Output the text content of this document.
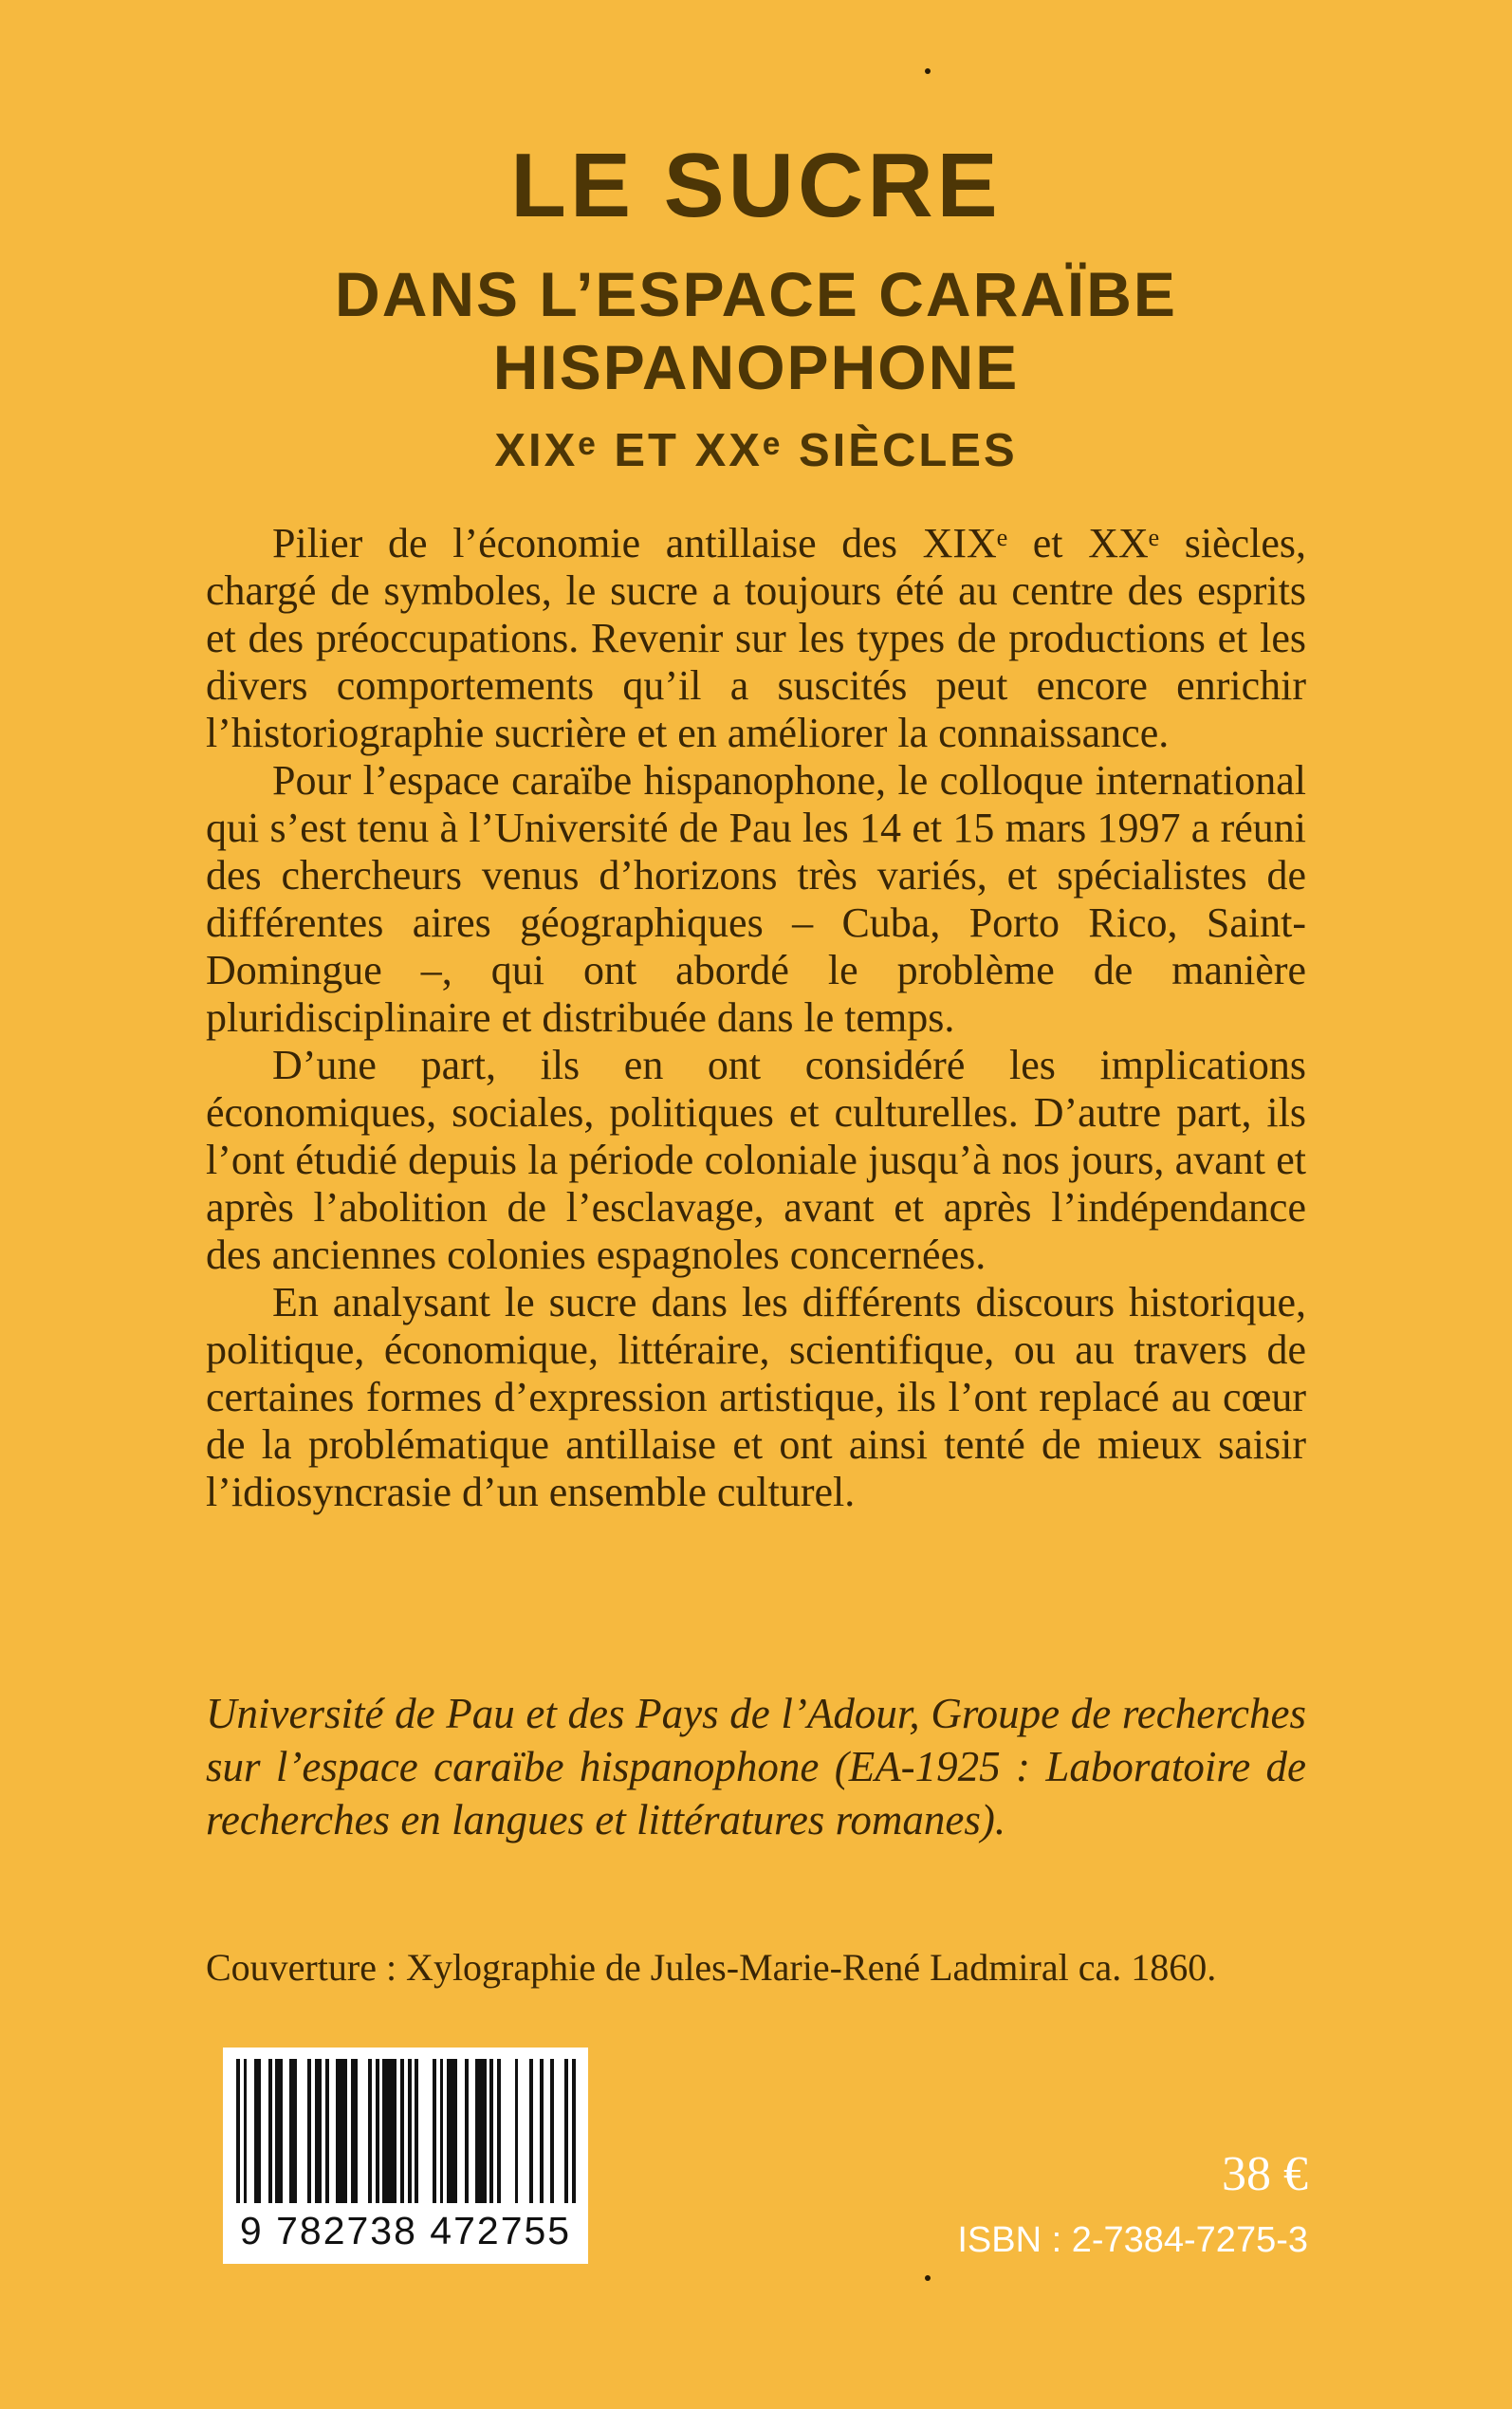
LE SUCRE
DANS L’ESPACE CARAÏBE
HISPANOPHONE
XIXᵉ ET XXᵉ SIÈCLES

Pilier de l’économie antillaise des XIXᵉ et XXᵉ siècles, chargé de symboles, le sucre a toujours été au centre des esprits et des préoccupations. Revenir sur les types de productions et les divers comportements qu’il a suscités peut encore enrichir l’historiographie sucrière et en améliorer la connaissance.

Pour l’espace caraïbe hispanophone, le colloque international qui s’est tenu à l’Université de Pau les 14 et 15 mars 1997 a réuni des chercheurs venus d’horizons très variés, et spécialistes de différentes aires géographiques – Cuba, Porto Rico, Saint-Domingue –, qui ont abordé le problème de manière pluridisciplinaire et distribuée dans le temps.

D’une part, ils en ont considéré les implications économiques, sociales, politiques et culturelles. D’autre part, ils l’ont étudié depuis la période coloniale jusqu’à nos jours, avant et après l’abolition de l’esclavage, avant et après l’indépendance des anciennes colonies espagnoles concernées.

En analysant le sucre dans les différents discours historique, politique, économique, littéraire, scientifique, ou au travers de certaines formes d’expression artistique, ils l’ont replacé au cœur de la problématique antillaise et ont ainsi tenté de mieux saisir l’idiosyncrasie d’un ensemble culturel.

Université de Pau et des Pays de l’Adour, Groupe de recherches sur l’espace caraïbe hispanophone (EA-1925 : Laboratoire de recherches en langues et littératures romanes).
Couverture : Xylographie de Jules-Marie-René Ladmiral ca. 1860.
9 782738 472755
38 €
ISBN : 2-7384-7275-3
